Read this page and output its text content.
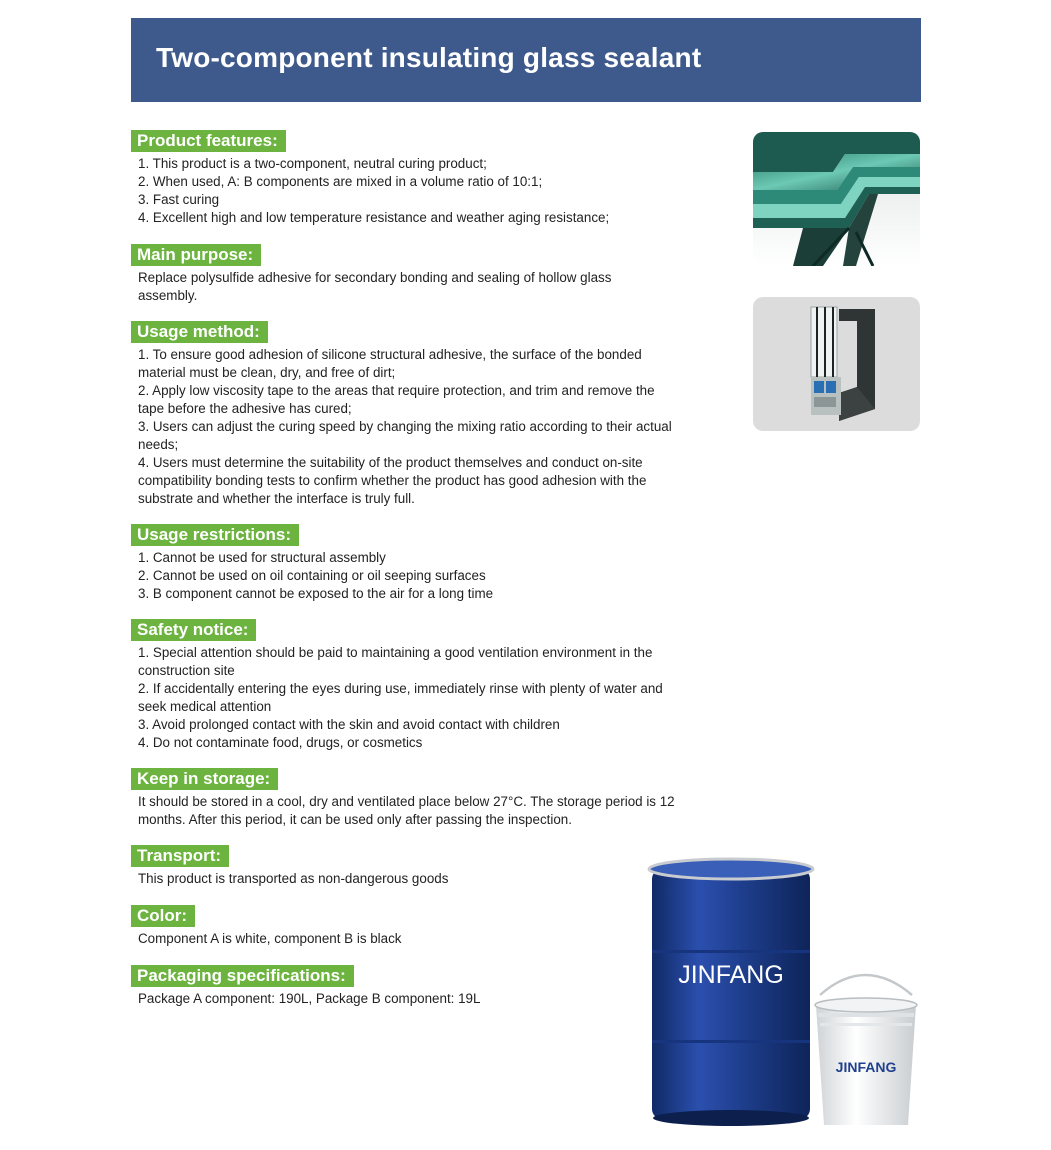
Two-component insulating glass sealant
Product features:

1. This product is a two-component, neutral curing product;

2. When used, A: B components are mixed in a volume ratio of 10:1;

3. Fast curing

4. Excellent high and low temperature resistance and weather aging resistance;

Main purpose:

Replace polysulfide adhesive for secondary bonding and sealing of hollow glass assembly.

Usage method:

1. To ensure good adhesion of silicone structural adhesive, the surface of the bonded material must be clean, dry, and free of dirt;

2. Apply low viscosity tape to the areas that require protection, and trim and remove the tape before the adhesive has cured;

3. Users can adjust the curing speed by changing the mixing ratio according to their actual needs;

4. Users must determine the suitability of the product themselves and conduct on-site compatibility bonding tests to confirm whether the product has good adhesion with the substrate and whether the interface is truly full.

Usage restrictions:

1. Cannot be used for structural assembly

2. Cannot be used on oil containing or oil seeping surfaces

3. B component cannot be exposed to the air for a long time

Safety notice:

1. Special attention should be paid to maintaining a good ventilation environment in the construction site

2. If accidentally entering the eyes during use, immediately rinse with plenty of water and seek medical attention

3. Avoid prolonged contact with the skin and avoid contact with children

4. Do not contaminate food, drugs, or cosmetics

Keep in storage:

It should be stored in a cool, dry and ventilated place below 27°C. The storage period is 12 months. After this period, it can be used only after passing the inspection.

Transport:

This product is transported as non-dangerous goods

Color:

Component A is white, component B is black

Packaging specifications:

Package A component: 190L, Package B component: 19L

JINFANG
JINFANG
